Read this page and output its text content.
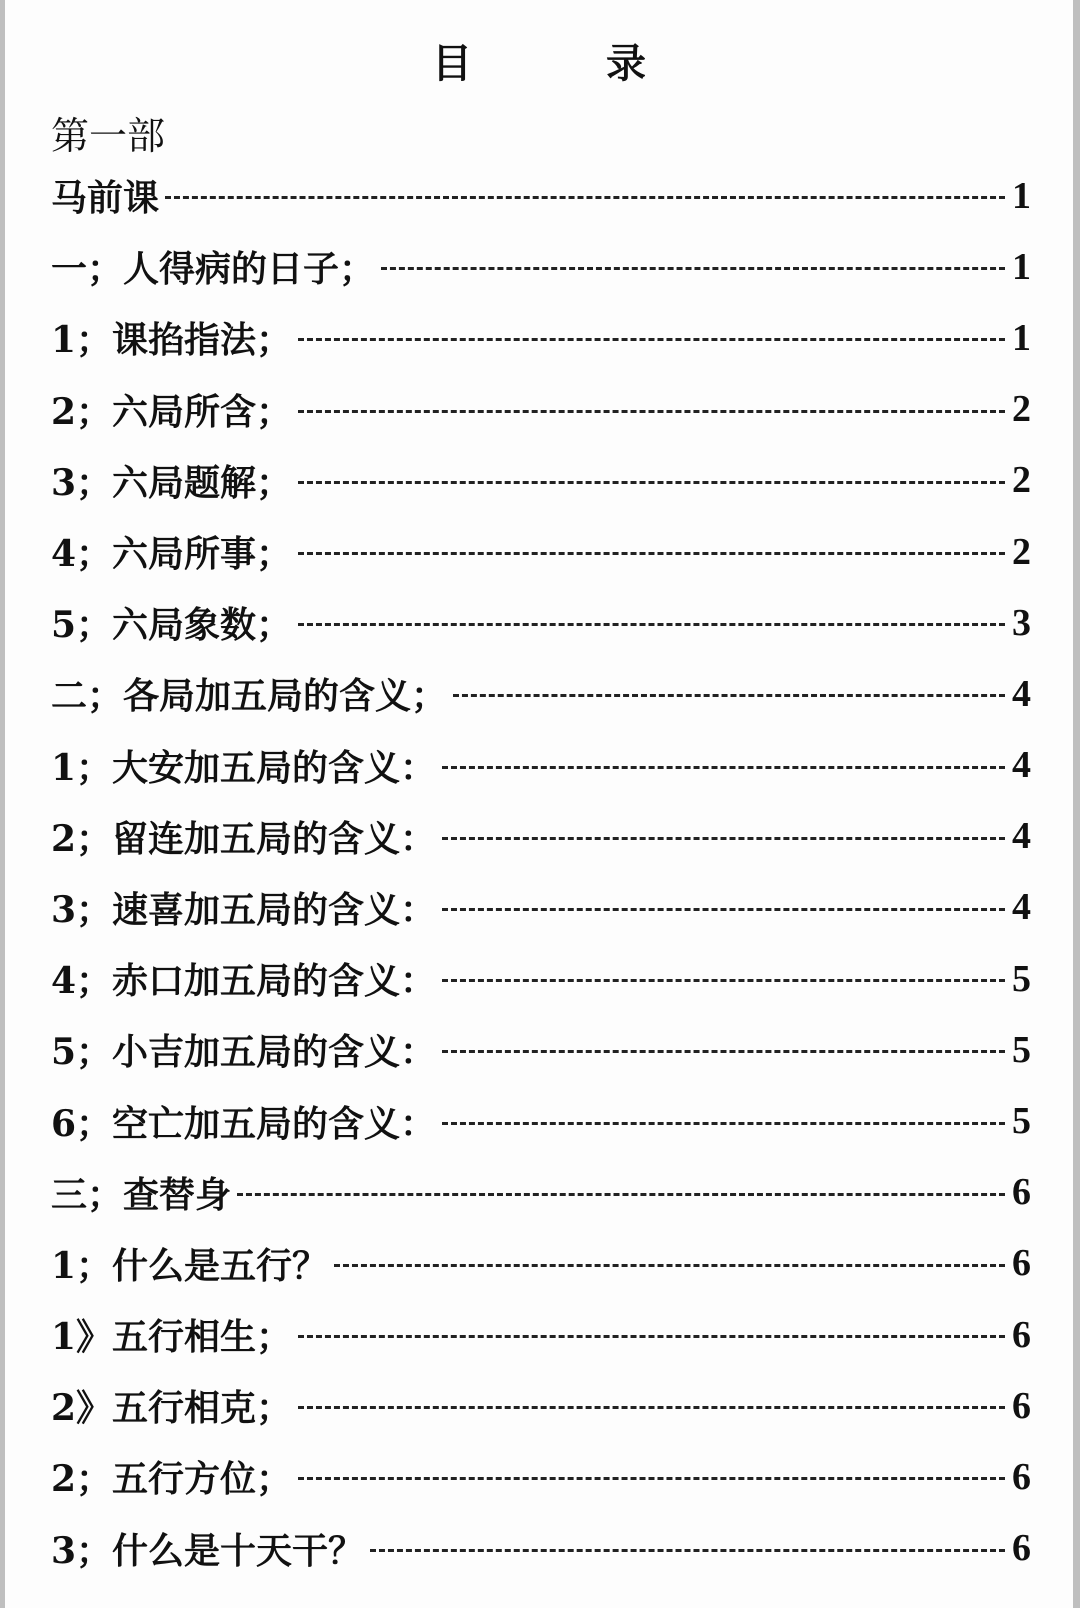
目 录
第一部
马前课	1
一；人得病的日子；	1
1；课掐指法；	1
2；六局所含；	2
3；六局题解；	2
4；六局所事；	2
5；六局象数；	3
二；各局加五局的含义；	4
1；大安加五局的含义：	4
2；留连加五局的含义：	4
3；速喜加五局的含义：	4
4；赤口加五局的含义：	5
5；小吉加五局的含义：	5
6；空亡加五局的含义：	5
三；查替身	6
1；什么是五行？	6
1》五行相生；	6
2》五行相克；	6
2；五行方位；	6
3；什么是十天干？	6
